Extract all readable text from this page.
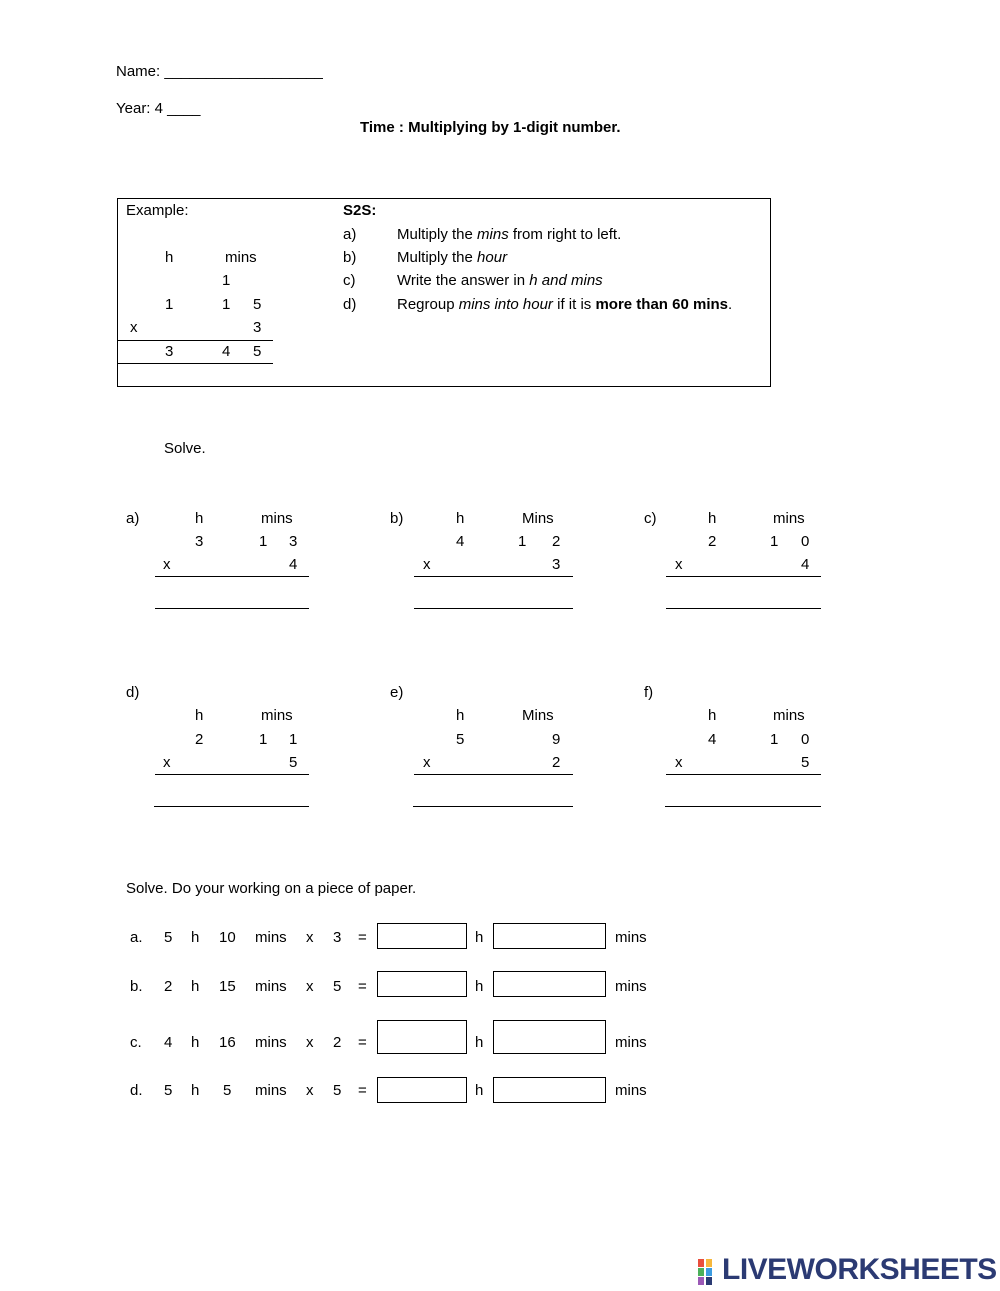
Name: ___________________
Year: 4 ____
Time : Multiplying by 1-digit number.
Example:
h	mins
1
1	1 5
x	3
3	4 5
S2S:
a)	Multiply the mins from right to left.
b)	Multiply the hour
c)	Write the answer in h and mins
d)	Regroup mins into hour if it is more than 60 mins.
Solve.
a)	h	mins
3	1 3
x	4
b)	h	Mins
4	1 2
x	3
c)	h	mins
2	1 0
x	4
d)
h	mins
2	1 1
x	5
e)
h	Mins
5	9
x	2
f)
h	mins
4	1 0
x	5
Solve. Do your working on a piece of paper.
a. 5 h 10 mins x 3 =	h	mins
b. 2 h 15 mins x 5 =	h	mins
c. 4 h 16 mins x 2 =	h	mins
d. 5 h 5 mins x 5 =	h	mins
LIVEWORKSHEETS
